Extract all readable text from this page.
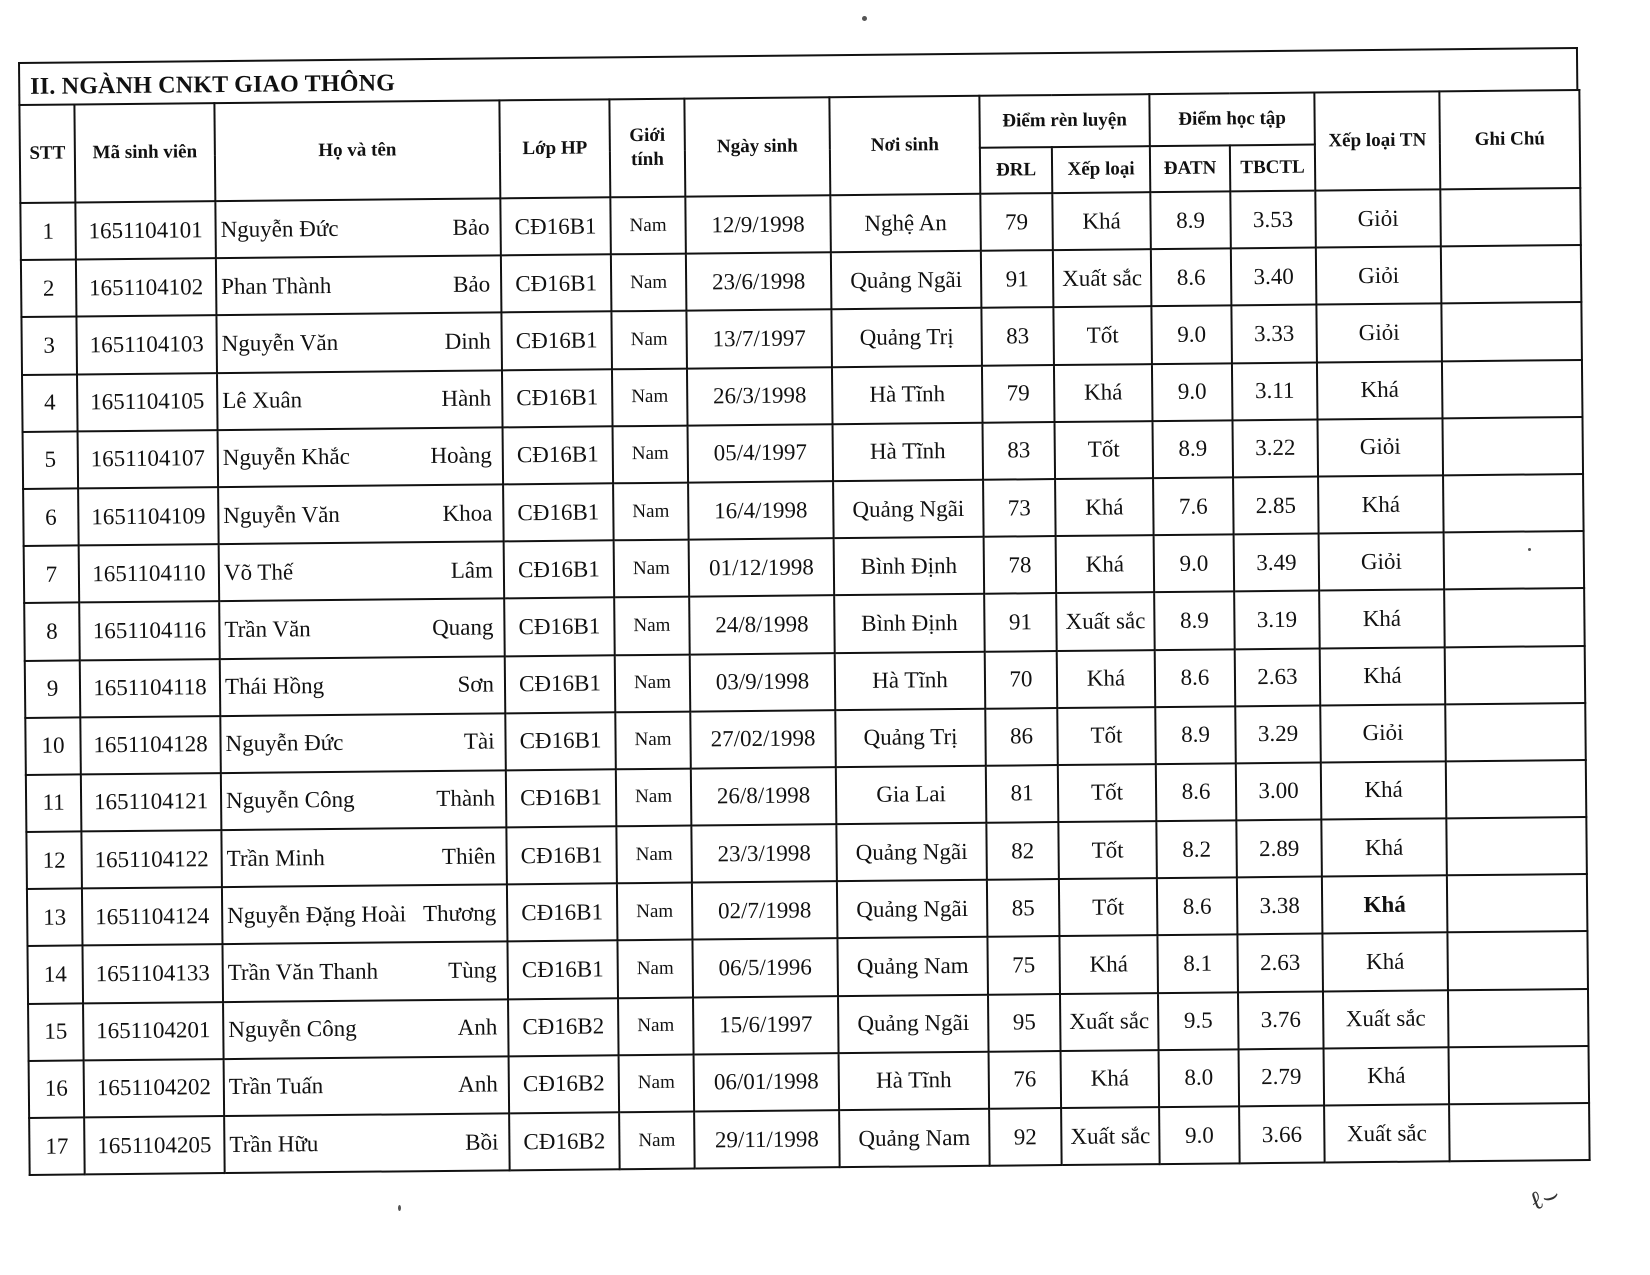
II. NGÀNH CNKT GIAO THÔNG
STT	Mã sinh viên	Họ và tên	Lớp HP	Giới tính	Ngày sinh	Nơi sinh	Điểm rèn luyện		Điểm học tập		Xếp loại TN	Ghi Chú
							ĐRL	Xếp loại	ĐATN	TBCTL		
1	1651104101	Nguyễn Đức Bảo	CĐ16B1	Nam	12/9/1998	Nghệ An	79	Khá	8.9	3.53	Giỏi	
2	1651104102	Phan Thành Bảo	CĐ16B1	Nam	23/6/1998	Quảng Ngãi	91	Xuất sắc	8.6	3.40	Giỏi	
3	1651104103	Nguyễn Văn Dinh	CĐ16B1	Nam	13/7/1997	Quảng Trị	83	Tốt	9.0	3.33	Giỏi	
4	1651104105	Lê Xuân Hành	CĐ16B1	Nam	26/3/1998	Hà Tĩnh	79	Khá	9.0	3.11	Khá	
5	1651104107	Nguyễn Khắc Hoàng	CĐ16B1	Nam	05/4/1997	Hà Tĩnh	83	Tốt	8.9	3.22	Giỏi	
6	1651104109	Nguyễn Văn Khoa	CĐ16B1	Nam	16/4/1998	Quảng Ngãi	73	Khá	7.6	2.85	Khá	
7	1651104110	Võ Thế Lâm	CĐ16B1	Nam	01/12/1998	Bình Định	78	Khá	9.0	3.49	Giỏi	
8	1651104116	Trần Văn Quang	CĐ16B1	Nam	24/8/1998	Bình Định	91	Xuất sắc	8.9	3.19	Khá	
9	1651104118	Thái Hồng Sơn	CĐ16B1	Nam	03/9/1998	Hà Tĩnh	70	Khá	8.6	2.63	Khá	
10	1651104128	Nguyễn Đức Tài	CĐ16B1	Nam	27/02/1998	Quảng Trị	86	Tốt	8.9	3.29	Giỏi	
11	1651104121	Nguyễn Công Thành	CĐ16B1	Nam	26/8/1998	Gia Lai	81	Tốt	8.6	3.00	Khá	
12	1651104122	Trần Minh Thiên	CĐ16B1	Nam	23/3/1998	Quảng Ngãi	82	Tốt	8.2	2.89	Khá	
13	1651104124	Nguyễn Đặng Hoài Thương	CĐ16B1	Nam	02/7/1998	Quảng Ngãi	85	Tốt	8.6	3.38	Khá	
14	1651104133	Trần Văn Thanh Tùng	CĐ16B1	Nam	06/5/1996	Quảng Nam	75	Khá	8.1	2.63	Khá	
15	1651104201	Nguyễn Công Anh	CĐ16B2	Nam	15/6/1997	Quảng Ngãi	95	Xuất sắc	9.5	3.76	Xuất sắc	
16	1651104202	Trần Tuấn Anh	CĐ16B2	Nam	06/01/1998	Hà Tĩnh	76	Khá	8.0	2.79	Khá	
17	1651104205	Trần Hữu Bồi	CĐ16B2	Nam	29/11/1998	Quảng Nam	92	Xuất sắc	9.0	3.66	Xuất sắc	
ℓ⌣
